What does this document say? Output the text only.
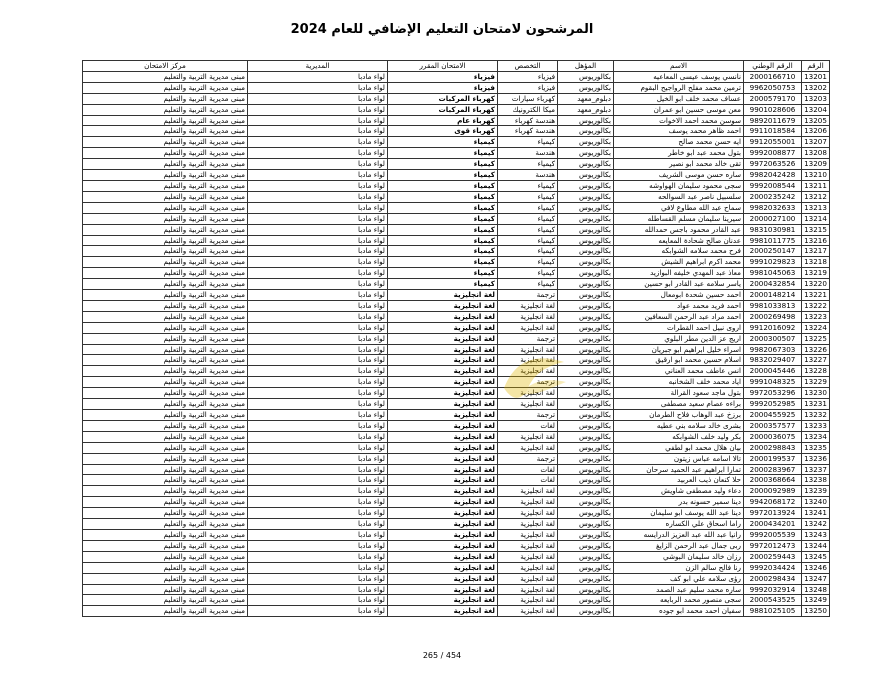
المرشحون لامتحان التعليم الإضافي للعام 2024
الرقم	الرقم الوطني	الاسم	المؤهل	التخصص	الامتحان المقرر	المديرية	مركز الامتحان
13201	2000166710	نانسي يوسف عيسى المعاعيه	بكالوريوس	فيزياء	فيزياء	لواء مادبا	مبنى مديرية التربية والتعليم
13202	9962050753	ترمين محمد مفلح الرواجيح البقوم	بكالوريوس	فيزياء	فيزياء	لواء مادبا	مبنى مديرية التربية والتعليم
13203	2000579170	عساف محمد خلف ابو الخيل	دبلوم_معهد	كهرباء سيارات	كهرباء المركبات	لواء مادبا	مبنى مديرية التربية والتعليم
13204	9901028606	معن موسى حسين ابو عمران	دبلوم_معهد	ميكا الكترونيك	كهرباء المركبات	لواء مادبا	مبنى مديرية التربية والتعليم
13205	9892011679	سوسن محمد احمد الاخوات	بكالوريوس	هندسة كهرباء	كهرباء عام	لواء مادبا	مبنى مديرية التربية والتعليم
13206	9911018584	احمد ظاهر محمد يوسف	بكالوريوس	هندسة كهرباء	كهرباء قوى	لواء مادبا	مبنى مديرية التربية والتعليم
13207	9912055001	ايه حسن محمد صالح	بكالوريوس	كيمياء	كيمياء	لواء مادبا	مبنى مديرية التربية والتعليم
13208	9992008877	بتول محمد عبد ابو خاطر	بكالوريوس	هندسة	كيمياء	لواء مادبا	مبنى مديرية التربية والتعليم
13209	9972063526	تقى خالد محمد ابو نصير	بكالوريوس	كيمياء	كيمياء	لواء مادبا	مبنى مديرية التربية والتعليم
13210	9982042428	ساره حسن موسى الشريف	بكالوريوس	هندسة	كيمياء	لواء مادبا	مبنى مديرية التربية والتعليم
13211	9992008544	سجى محمود سليمان الهواوشه	بكالوريوس	كيمياء	كيمياء	لواء مادبا	مبنى مديرية التربية والتعليم
13212	2000235242	سلسبيل ناصر عبد السوالحه	بكالوريوس	كيمياء	كيمياء	لواء مادبا	مبنى مديرية التربية والتعليم
13213	9982032633	سماح عبد الله مطاوع لافي	بكالوريوس	كيمياء	كيمياء	لواء مادبا	مبنى مديرية التربية والتعليم
13214	2000027100	سيرينا سليمان مسلم القساطله	بكالوريوس	كيمياء	كيمياء	لواء مادبا	مبنى مديرية التربية والتعليم
13215	9831030981	عبد القادر محمود باجس حمدالله	بكالوريوس	كيمياء	كيمياء	لواء مادبا	مبنى مديرية التربية والتعليم
13216	9981011775	عدنان صالح شحادة المعايعه	بكالوريوس	كيمياء	كيمياء	لواء مادبا	مبنى مديرية التربية والتعليم
13217	2000250147	فرح محمد سلامه الشوابكه	بكالوريوس	كيمياء	كيمياء	لواء مادبا	مبنى مديرية التربية والتعليم
13218	9991029823	محمد اكرم ابراهيم الشيش	بكالوريوس	كيمياء	كيمياء	لواء مادبا	مبنى مديرية التربية والتعليم
13219	9981045063	معاذ عبد المهدي خليفه البوازيد	بكالوريوس	كيمياء	كيمياء	لواء مادبا	مبنى مديرية التربية والتعليم
13220	2000432854	ياسر سلامه عبد القادر ابو حسين	بكالوريوس	كيمياء	كيمياء	لواء مادبا	مبنى مديرية التربية والتعليم
13221	2000148214	احمد حسين شحدة ابومعال	بكالوريوس	ترجمة	لغة انجليزية	لواء مادبا	مبنى مديرية التربية والتعليم
13222	9981033813	احمد فريد محمد عواد	بكالوريوس	لغة انجليزية	لغة انجليزية	لواء مادبا	مبنى مديرية التربية والتعليم
13223	2000269498	احمد مراد عبد الرحمن السعافين	بكالوريوس	لغة انجليزية	لغة انجليزية	لواء مادبا	مبنى مديرية التربية والتعليم
13224	9912016092	اروى نبيل احمد القطرات	بكالوريوس	لغة انجليزية	لغة انجليزية	لواء مادبا	مبنى مديرية التربية والتعليم
13225	2000300507	اريج عز الدين مطر البلوي	بكالوريوس	ترجمة	لغة انجليزية	لواء مادبا	مبنى مديرية التربية والتعليم
13226	9982067303	اسراء خليل ابراهيم ابو جبريان	بكالوريوس	لغة انجليزية	لغة انجليزية	لواء مادبا	مبنى مديرية التربية والتعليم
13227	9832029407	اسلام حسين محمد ابو ارقيق	بكالوريوس	لغة انجليزية	لغة انجليزية	لواء مادبا	مبنى مديرية التربية والتعليم
13228	2000045446	انس عاطف محمد العناني	بكالوريوس	لغة انجليزية	لغة انجليزية	لواء مادبا	مبنى مديرية التربية والتعليم
13229	9991048325	اياد محمد خلف الشخانبه	بكالوريوس	ترجمة	لغة انجليزية	لواء مادبا	مبنى مديرية التربية والتعليم
13230	9972053296	بتول ماجد سعود القرالة	بكالوريوس	لغة انجليزية	لغة انجليزية	لواء مادبا	مبنى مديرية التربية والتعليم
13231	9992052985	براءه عصام سعيد مصطفى	بكالوريوس	لغة انجليزية	لغة انجليزية	لواء مادبا	مبنى مديرية التربية والتعليم
13232	2000455925	برزخ عبد الوهاب فلاح الطرمان	بكالوريوس	ترجمة	لغة انجليزية	لواء مادبا	مبنى مديرية التربية والتعليم
13233	2000357577	بشرى خالد سلامه بني عطيه	بكالوريوس	لغات	لغة انجليزية	لواء مادبا	مبنى مديرية التربية والتعليم
13234	2000036075	بكر وليد خلف الشوابكه	بكالوريوس	لغة انجليزية	لغة انجليزية	لواء مادبا	مبنى مديرية التربية والتعليم
13235	2000298843	بيان هلال محمد ابو لطفي	بكالوريوس	لغة انجليزية	لغة انجليزية	لواء مادبا	مبنى مديرية التربية والتعليم
13236	2000199537	تالا اسامه عباس زيتون	بكالوريوس	ترجمة	لغة انجليزية	لواء مادبا	مبنى مديرية التربية والتعليم
13237	2000283967	تمارا ابراهيم عبد الحميد سرحان	بكالوريوس	لغات	لغة انجليزية	لواء مادبا	مبنى مديرية التربية والتعليم
13238	2000368664	حلا كنعان ذيب العربيد	بكالوريوس	لغات	لغة انجليزية	لواء مادبا	مبنى مديرية التربية والتعليم
13239	2000092989	دعاء وليد مصطفى شاويش	بكالوريوس	لغة انجليزية	لغة انجليزية	لواء مادبا	مبنى مديرية التربية والتعليم
13240	9942068172	دينا سمير حسونه بدر	بكالوريوس	لغة انجليزية	لغة انجليزية	لواء مادبا	مبنى مديرية التربية والتعليم
13241	9972013924	دينا عبد الله يوسف ابو سليمان	بكالوريوس	لغة انجليزية	لغة انجليزية	لواء مادبا	مبنى مديرية التربية والتعليم
13242	2000434201	راما اسحاق علي الكساره	بكالوريوس	لغة انجليزية	لغة انجليزية	لواء مادبا	مبنى مديرية التربية والتعليم
13243	9992005539	رانيا عبد الله عبد العزيز الدرايسه	بكالوريوس	لغة انجليزية	لغة انجليزية	لواء مادبا	مبنى مديرية التربية والتعليم
13244	9972012473	ربى جمال عبد الرحمن الزايغ	بكالوريوس	لغة انجليزية	لغة انجليزية	لواء مادبا	مبنى مديرية التربية والتعليم
13245	2000259443	رزان خالد سليمان البوشي	بكالوريوس	لغة انجليزية	لغة انجليزية	لواء مادبا	مبنى مديرية التربية والتعليم
13246	9992034424	رنا فالح سالم الزن	بكالوريوس	لغة انجليزية	لغة انجليزية	لواء مادبا	مبنى مديرية التربية والتعليم
13247	2000298434	رؤى سلامه علي ابو كف	بكالوريوس	لغة انجليزية	لغة انجليزية	لواء مادبا	مبنى مديرية التربية والتعليم
13248	9992032914	ساره محمد سليم عبد الصمد	بكالوريوس	لغة انجليزية	لغة انجليزية	لواء مادبا	مبنى مديرية التربية والتعليم
13249	2000543525	سجى منصور محمد الربايعه	بكالوريوس	لغة انجليزية	لغة انجليزية	لواء مادبا	مبنى مديرية التربية والتعليم
13250	9881025105	سفيان احمد محمد ابو جوده	بكالوريوس	لغة انجليزية	لغة انجليزية	لواء مادبا	مبنى مديرية التربية والتعليم
265 / 454
